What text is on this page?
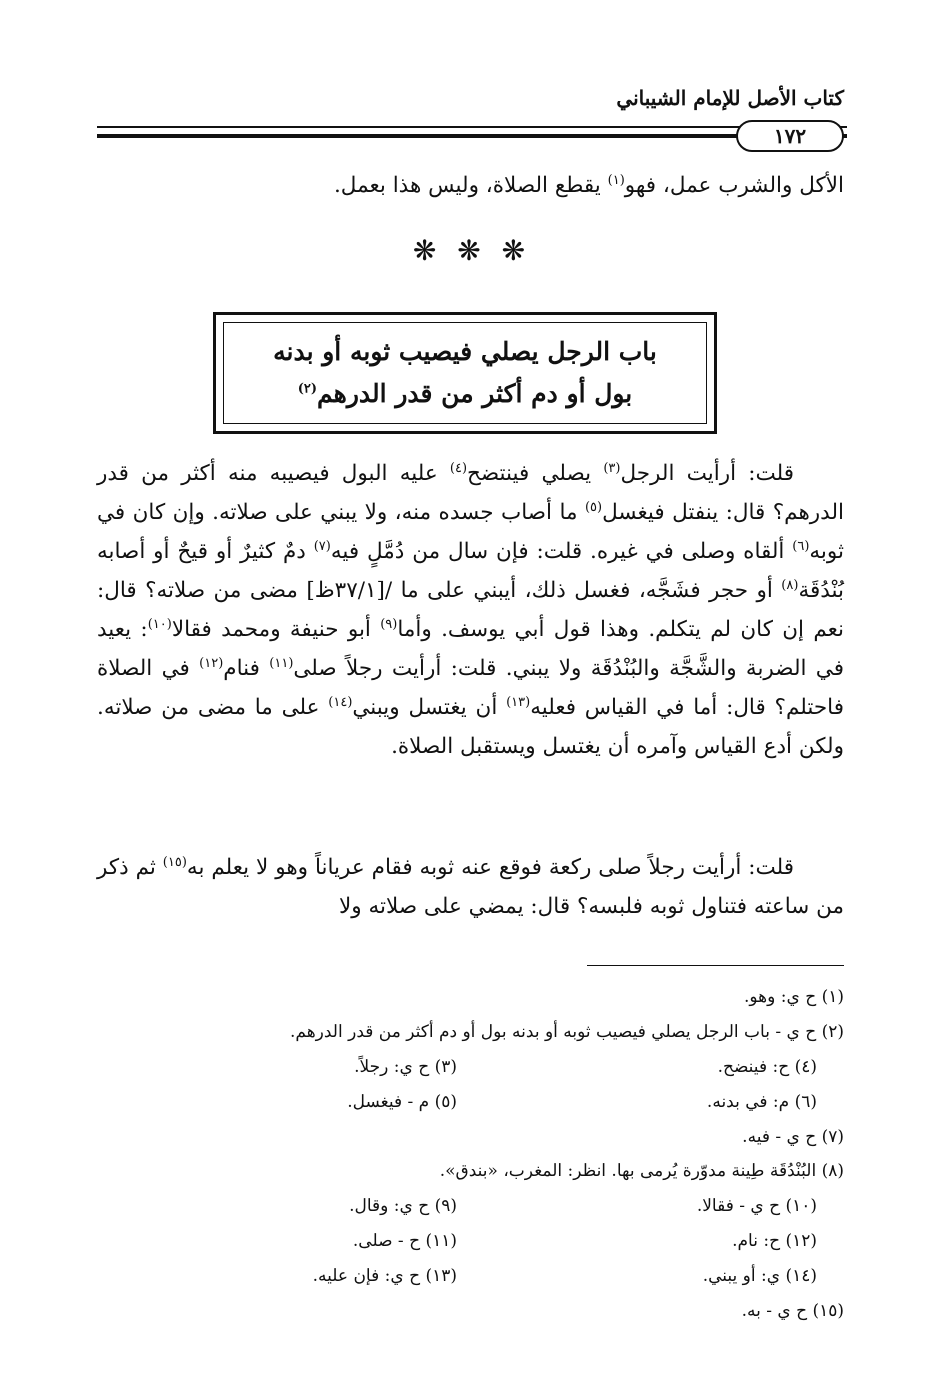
كتاب الأصل للإمام الشيباني
١٧٢
الأكل والشرب عمل، فهو$^{(١)}$ يقطع الصلاة، وليس هذا بعمل.
❋ ❋ ❋
باب الرجل يصلي فيصيب ثوبه أو بدنه
بول أو دم أكثر من قدر الدرهم$^{(٢)}$
قلت: أرأيت الرجل$^{(٣)}$ يصلي فينتضح$^{(٤)}$ عليه البول فيصيبه منه أكثر من قدر الدرهم؟ قال: ينفتل فيغسل$^{(٥)}$ ما أصاب جسده منه، ولا يبني على صلاته. وإن كان في ثوبه$^{(٦)}$ ألقاه وصلى في غيره. قلت: فإن سال من دُمَّلٍ فيه$^{(٧)}$ دمٌ كثيرٌ أو قيحٌ أو أصابه بُنْدُقَة$^{(٨)}$ أو حجر فشَجَّه، فغسل ذلك، أيبني على ما /[٣٧/١ظ] مضى من صلاته؟ قال: نعم إن كان لم يتكلم. وهذا قول أبي يوسف. وأما$^{(٩)}$ أبو حنيفة ومحمد فقالا$^{(١٠)}$: يعيد في الضربة والشَّجَّة والبُنْدُقَة ولا يبني. قلت: أرأيت رجلاً صلى$^{(١١)}$ فنام$^{(١٢)}$ في الصلاة فاحتلم؟ قال: أما في القياس فعليه$^{(١٣)}$ أن يغتسل ويبني$^{(١٤)}$ على ما مضى من صلاته. ولكن أدع القياس وآمره أن يغتسل ويستقبل الصلاة.
قلت: أرأيت رجلاً صلى ركعة فوقع عنه ثوبه فقام عرياناً وهو لا يعلم به$^{(١٥)}$ ثم ذكر من ساعته فتناول ثوبه فلبسه؟ قال: يمضي على صلاته ولا
(١) ح ي: وهو.
(٢) ح ي - باب الرجل يصلي فيصيب ثوبه أو بدنه بول أو دم أكثر من قدر الدرهم.
(٣) ح ي: رجلاً.	(٤) ح: فينضح.
(٥) م - فيغسل.	(٦) م: في بدنه.
(٧) ح ي - فيه.
(٨) البُنْدُقَة طِينة مدوّرة يُرمى بها. انظر: المغرب، «بندق».
(٩) ح ي: وقال.	(١٠) ح ي - فقالا.
(١١) ح - صلى.	(١٢) ح: نام.
(١٣) ح ي: فإن عليه.	(١٤) ي: أو يبني.
(١٥) ح ي - به.
